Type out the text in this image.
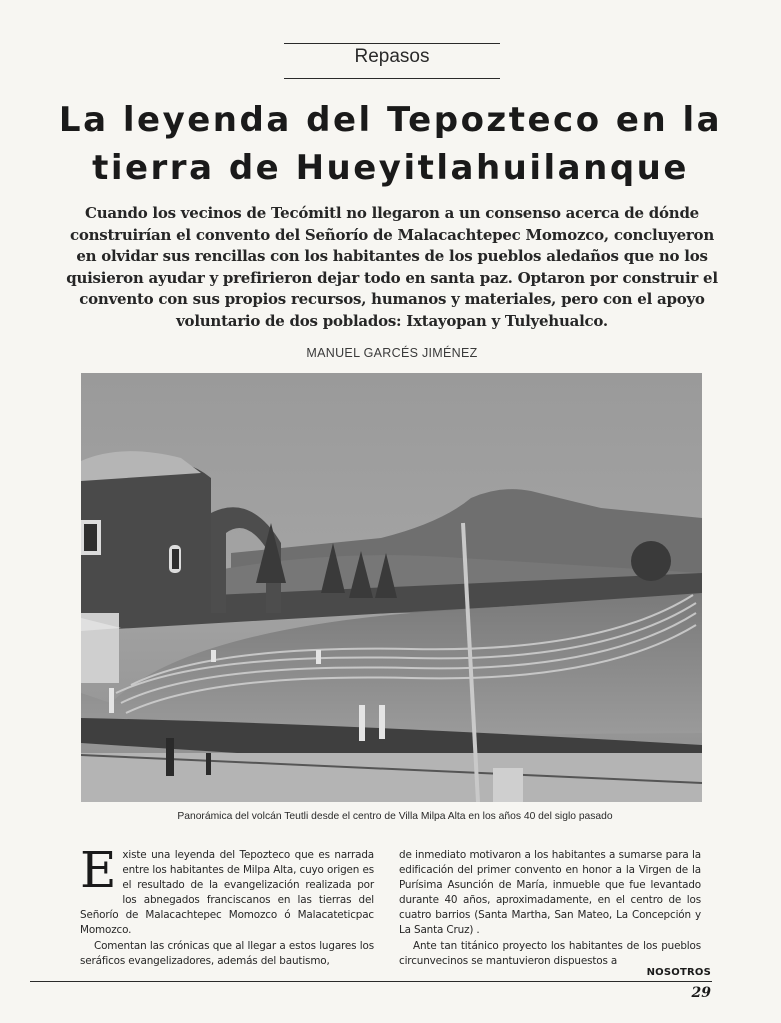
Repasos
La leyenda del Tepozteco en la
tierra de Hueyitlahuilanque

Cuando los vecinos de Tecómitl no llegaron a un consenso acerca de dónde construirían el convento del Señorío de Malacachtepec Momozco, concluyeron en olvidar sus rencillas con los habitantes de los pueblos aledaños que no los quisieron ayudar y prefirieron dejar todo en santa paz. Optaron por construir el convento con sus propios recursos, humanos y materiales, pero con el apoyo voluntario de dos poblados: Ixtayopan y Tulyehualco.

MANUEL GARCÉS JIMÉNEZ
Panorámica del volcán Teutli desde el centro de Villa Milpa Alta en los años 40 del siglo pasado

Existe una leyenda del Tepozteco que es narrada entre los habitantes de Milpa Alta, cuyo origen es el resultado de la evangelización realizada por los abnegados franciscanos en las tierras del Señorío de Malacachtepec Momozco ó Malacateticpac Momozco.

Comentan las crónicas que al llegar a estos lugares los seráficos evangelizadores, además del bautismo,

de inmediato motivaron a los habitantes a sumarse para la edificación del primer convento en honor a la Virgen de la Purísima Asunción de María, inmueble que fue levantado durante 40 años, aproximadamente, en el centro de los cuatro barrios (Santa Martha, San Mateo, La Concepción y La Santa Cruz) .

Ante tan titánico proyecto los habitantes de los pueblos circunvecinos se mantuvieron dispuestos a

NOSOTROS
29
